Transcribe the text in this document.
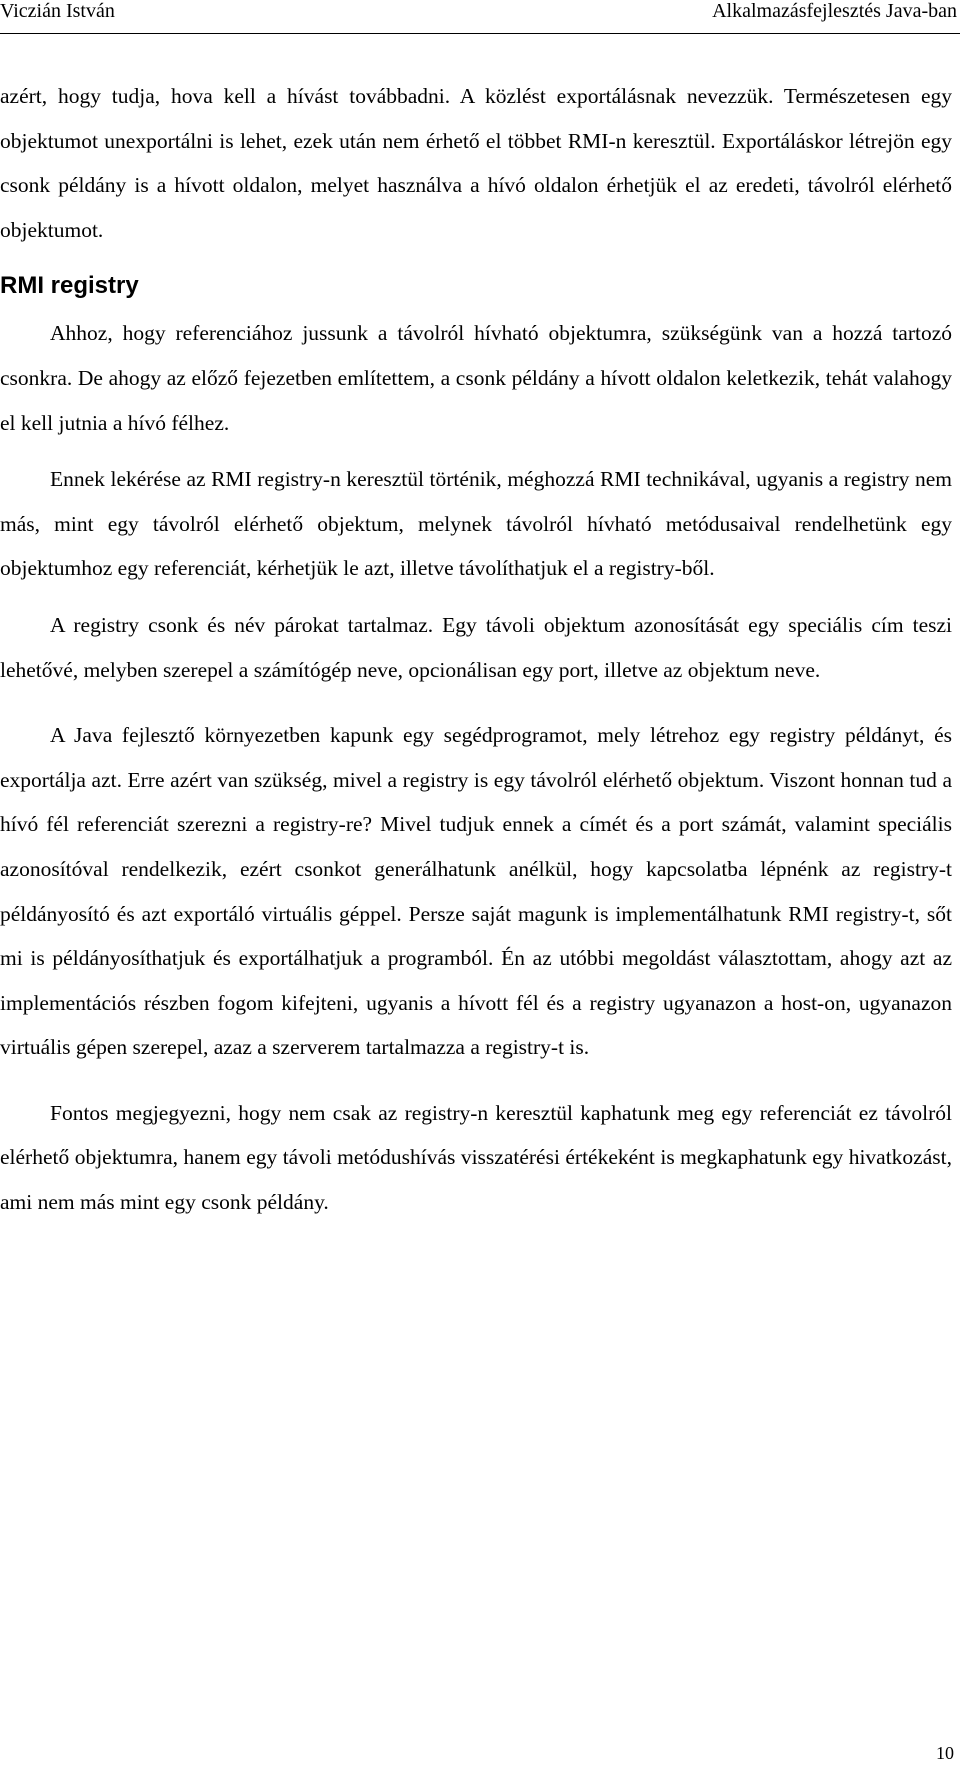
Viczián István	Alkalmazásfejlesztés Java-ban

azért, hogy tudja, hova kell a hívást továbbadni. A közlést exportálásnak nevezzük. Természetesen egy objektumot unexportálni is lehet, ezek után nem érhető el többet RMI-n keresztül. Exportáláskor létrejön egy csonk példány is a hívott oldalon, melyet használva a hívó oldalon érhetjük el az eredeti, távolról elérhető objektumot.

RMI registry

Ahhoz, hogy referenciához jussunk a távolról hívható objektumra, szükségünk van a hozzá tartozó csonkra. De ahogy az előző fejezetben említettem, a csonk példány a hívott oldalon keletkezik, tehát valahogy el kell jutnia a hívó félhez.

Ennek lekérése az RMI registry-n keresztül történik, méghozzá RMI technikával, ugyanis a registry nem más, mint egy távolról elérhető objektum, melynek távolról hívható metódusaival rendelhetünk egy objektumhoz egy referenciát, kérhetjük le azt, illetve távolíthatjuk el a registry-ből.

A registry csonk és név párokat tartalmaz. Egy távoli objektum azonosítását egy speciális cím teszi lehetővé, melyben szerepel a számítógép neve, opcionálisan egy port, illetve az objektum neve.

A Java fejlesztő környezetben kapunk egy segédprogramot, mely létrehoz egy registry példányt, és exportálja azt. Erre azért van szükség, mivel a registry is egy távolról elérhető objektum. Viszont honnan tud a hívó fél referenciát szerezni a registry-re? Mivel tudjuk ennek a címét és a port számát, valamint speciális azonosítóval rendelkezik, ezért csonkot generálhatunk anélkül, hogy kapcsolatba lépnénk az registry-t példányosító és azt exportáló virtuális géppel. Persze saját magunk is implementálhatunk RMI registry-t, sőt mi is példányosíthatjuk és exportálhatjuk a programból. Én az utóbbi megoldást választottam, ahogy azt az implementációs részben fogom kifejteni, ugyanis a hívott fél és a registry ugyanazon a host-on, ugyanazon virtuális gépen szerepel, azaz a szerverem tartalmazza a registry-t is.

Fontos megjegyezni, hogy nem csak az registry-n keresztül kaphatunk meg egy referenciát ez távolról elérhető objektumra, hanem egy távoli metódushívás visszatérési értékeként is megkaphatunk egy hivatkozást, ami nem más mint egy csonk példány.

10
